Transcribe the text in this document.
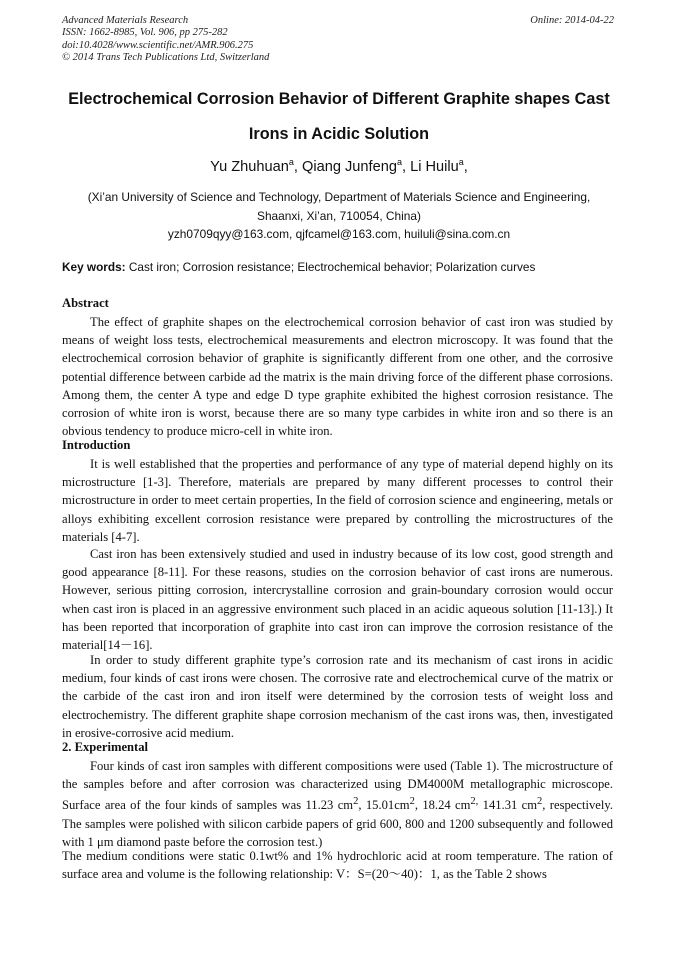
Advanced Materials Research
ISSN: 1662-8985, Vol. 906, pp 275-282
doi:10.4028/www.scientific.net/AMR.906.275
© 2014 Trans Tech Publications Ltd, Switzerland
Online: 2014-04-22
Electrochemical Corrosion Behavior of Different Graphite shapes Cast
Irons in Acidic Solution
Yu Zhuhuan$^a$, Qiang Junfeng$^a$, Li Huilu$^a$,
(Xi’an University of Science and Technology, Department of Materials Science and Engineering,
Shaanxi, Xi’an, 710054, China)
yzh0709qyy@163.com, qjfcamel@163.com, huiluli@sina.com.cn
Key words: Cast iron; Corrosion resistance; Electrochemical behavior; Polarization curves
Abstract
The effect of graphite shapes on the electrochemical corrosion behavior of cast iron was studied by means of weight loss tests, electrochemical measurements and electron microscopy. It was found that the electrochemical corrosion behavior of graphite is significantly different from one other, and the corrosive potential difference between carbide ad the matrix is the main driving force of the different phase corrosions. Among them, the center A type and edge D type graphite exhibited the highest corrosion resistance. The corrosion of white iron is worst, because there are so many type carbides in white iron and so there is an obvious tendency to produce micro-cell in white iron.
Introduction
It is well established that the properties and performance of any type of material depend highly on its microstructure [1-3]. Therefore, materials are prepared by many different processes to control their microstructure in order to meet certain properties, In the field of corrosion science and engineering, metals or alloys exhibiting excellent corrosion resistance were prepared by controlling the microstructures of the materials [4-7].
Cast iron has been extensively studied and used in industry because of its low cost, good strength and good appearance [8-11]. For these reasons, studies on the corrosion behavior of cast irons are numerous. However, serious pitting corrosion, intercrystalline corrosion and grain-boundary corrosion would occur when cast iron is placed in an aggressive environment such placed in an acidic aqueous solution [11-13].) It has been reported that incorporation of graphite into cast iron can improve the corrosion resistance of the material[14－16].
In order to study different graphite type’s corrosion rate and its mechanism of cast irons in acidic medium, four kinds of cast irons were chosen. The corrosive rate and electrochemical curve of the matrix or the carbide of the cast iron and iron itself were determined by the corrosion tests of weight loss and electrochemistry. The different graphite shape corrosion mechanism of the cast irons was, then, investigated in erosive-corrosive acid medium.
2. Experimental
Four kinds of cast iron samples with different compositions were used (Table 1). The microstructure of the samples before and after corrosion was characterized using DM4000M metallographic microscope. Surface area of the four kinds of samples was 11.23 $cm^2$, $15.01cm^2$, 18.24 $cm^{2,}$ 141.31 $cm^2$, respectively. The samples were polished with silicon carbide papers of grid 600, 800 and 1200 subsequently and followed with 1 μm diamond paste before the corrosion test.)
The medium conditions were static 0.1wt% and 1% hydrochloric acid at room temperature. The ration of surface area and volume is the following relationship: V：S=(20～40)：1, as the Table 2 shows
